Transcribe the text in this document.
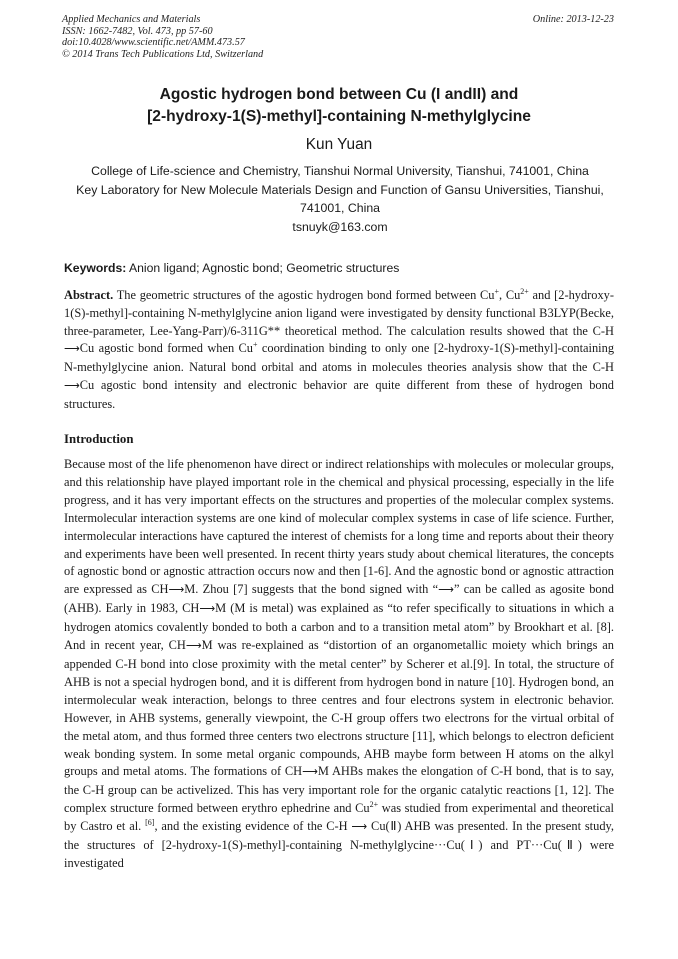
Applied Mechanics and Materials
ISSN: 1662-7482, Vol. 473, pp 57-60
doi:10.4028/www.scientific.net/AMM.473.57
© 2014 Trans Tech Publications Ltd, Switzerland
Online: 2013-12-23
Agostic hydrogen bond between Cu (I andII) and
[2-hydroxy-1(S)-methyl]-containing N-methylglycine
Kun Yuan
College of Life-science and Chemistry, Tianshui Normal University, Tianshui, 741001, China
Key Laboratory for New Molecule Materials Design and Function of Gansu Universities, Tianshui,
741001, China
tsnuyk@163.com
Keywords: Anion ligand; Agnostic bond; Geometric structures
Abstract. The geometric structures of the agostic hydrogen bond formed between Cu+, $Cu^{2+}$ and [2-hydroxy-1(S)-methyl]-containing N-methylglycine anion ligand were investigated by density functional B3LYP(Becke, three-parameter, Lee-Yang-Parr)/6-311G** theoretical method. The calculation results showed that the C-H ⟶Cu agostic bond formed when Cu+ coordination binding to only one [2-hydroxy-1(S)-methyl]-containing N-methylglycine anion. Natural bond orbital and atoms in molecules theories analysis show that the C-H ⟶Cu agostic bond intensity and electronic behavior are quite different from these of hydrogen bond structures.
Introduction
Because most of the life phenomenon have direct or indirect relationships with molecules or molecular groups, and this relationship have played important role in the chemical and physical processing, especially in the life progress, and it has very important effects on the structures and properties of the molecular complex systems. Intermolecular interaction systems are one kind of molecular complex systems in case of life science. Further, intermolecular interactions have captured the interest of chemists for a long time and reports about their theory and experiments have been well presented. In recent thirty years study about chemical literatures, the concepts of agnostic bond or agnostic attraction occurs now and then [1-6]. And the agnostic bond or agnostic attraction are expressed as CH⟶M. Zhou [7] suggests that the bond signed with “⟶” can be called as agosite bond (AHB). Early in 1983, CH⟶M (M is metal) was explained as “to refer specifically to situations in which a hydrogen atomics covalently bonded to both a carbon and to a transition metal atom” by Brookhart et al. [8]. And in recent year, CH⟶M was re-explained as “distortion of an organometallic moiety which brings an appended C-H bond into close proximity with the metal center” by Scherer et al.[9]. In total, the structure of AHB is not a special hydrogen bond, and it is different from hydrogen bond in nature [10]. Hydrogen bond, an intermolecular weak interaction, belongs to three centres and four electrons system in electronic behavior. However, in AHB systems, generally viewpoint, the C-H group offers two electrons for the virtual orbital of the metal atom, and thus formed three centers two electrons structure [11], which belongs to electron deficient weak bonding system. In some metal organic compounds, AHB maybe form between H atoms on the alkyl groups and metal atoms. The formations of CH⟶M AHBs makes the elongation of C-H bond, that is to say, the C-H group can be activelized. This has very important role for the organic catalytic reactions [1, 12]. The complex structure formed between erythro ephedrine and $Cu^{2+}$ was studied from experimental and theoretical by Castro et al. [6], and the existing evidence of the C-H ⟶ Cu(Ⅱ) AHB was presented. In the present study, the structures of [2-hydroxy-1(S)-methyl]-containing N-methylglycine···Cu(Ⅰ) and PT···Cu(Ⅱ) were investigated
